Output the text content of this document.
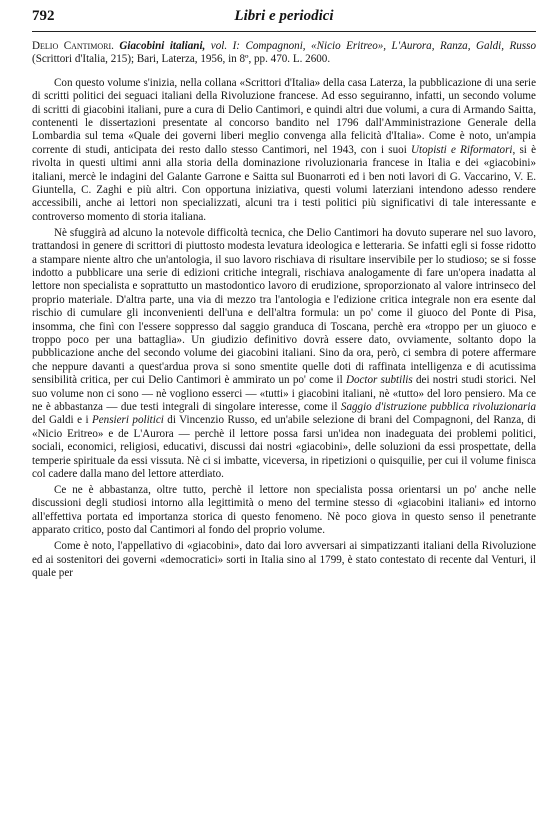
792	Libri e periodici

Delio Cantimori. Giacobini italiani, vol. I: Compagnoni, «Nicio Eritreo», L'Aurora, Ranza, Galdi, Russo (Scrittori d'Italia, 215); Bari, Laterza, 1956, in 8º, pp. 470. L. 2600.

Con questo volume s'inizia, nella collana «Scrittori d'Italia» della casa Laterza, la pubblicazione di una serie di scritti politici dei seguaci italiani della Rivoluzione francese. Ad esso seguiranno, infatti, un secondo volume di scritti di giacobini italiani, pure a cura di Delio Cantimori, e quindi altri due volumi, a cura di Armando Saitta, contenenti le dissertazioni presentate al concorso bandito nel 1796 dall'Amministrazione Generale della Lombardia sul tema «Quale dei governi liberi meglio convenga alla felicità d'Italia». Come è noto, un'ampia corrente di studi, anticipata dei resto dallo stesso Cantimori, nel 1943, con i suoi Utopisti e Riformatori, si è rivolta in questi ultimi anni alla storia della dominazione rivoluzionaria francese in Italia e dei «giacobini» italiani, mercè le indagini del Galante Garrone e Saitta sul Buonarroti ed i ben noti lavori di G. Vaccarino, V. E. Giuntella, C. Zaghi e più altri. Con opportuna iniziativa, questi volumi laterziani intendono adesso rendere accessibili, anche ai lettori non specializzati, alcuni tra i testi politici più significativi di tale interessante e controverso momento di storia italiana.

Nè sfuggirà ad alcuno la notevole difficoltà tecnica, che Delio Cantimori ha dovuto superare nel suo lavoro, trattandosi in genere di scrittori di piuttosto modesta levatura ideologica e letteraria. Se infatti egli si fosse ridotto a stampare niente altro che un'antologia, il suo lavoro rischiava di risultare inservibile per lo studioso; se si fosse indotto a pubblicare una serie di edizioni critiche integrali, rischiava analogamente di fare un'opera inadatta al lettore non specialista e soprattutto un mastodontico lavoro di erudizione, sproporzionato al valore intrinseco del proprio materiale. D'altra parte, una via di mezzo tra l'antologia e l'edizione critica integrale non era esente dal rischio di cumulare gli inconvenienti dell'una e dell'altra formula: un po' come il giuoco del Ponte di Pisa, insomma, che finì con l'essere soppresso dal saggio granduca di Toscana, perchè era «troppo per un giuoco e troppo poco per una battaglia». Un giudizio definitivo dovrà essere dato, ovviamente, soltanto dopo la pubblicazione anche del secondo volume dei giacobini italiani. Sino da ora, però, ci sembra di potere affermare che neppure davanti a quest'ardua prova si sono smentite quelle doti di raffinata intelligenza e di acutissima sensibilità critica, per cui Delio Cantimori è ammirato un po' come il Doctor subtilis dei nostri studi storici. Nel suo volume non ci sono — nè vogliono esserci — «tutti» i giacobini italiani, nè «tutto» del loro pensiero. Ma ce ne è abbastanza — due testi integrali di singolare interesse, come il Saggio d'istruzione pubblica rivoluzionaria del Galdi e i Pensieri politici di Vincenzio Russo, ed un'abile selezione di brani del Compagnoni, del Ranza, di «Nicio Eritreo» e de L'Aurora — perchè il lettore possa farsi un'idea non inadeguata dei problemi politici, sociali, economici, religiosi, educativi, discussi dai nostri «giacobini», delle soluzioni da essi prospettate, della temperie spirituale da essi vissuta. Nè ci si imbatte, viceversa, in ripetizioni o quisquilie, per cui il volume finisca col cadere dalla mano del lettore atterdiato.

Ce ne è abbastanza, oltre tutto, perchè il lettore non specialista possa orientarsi un po' anche nelle discussioni degli studiosi intorno alla legittimità o meno del termine stesso di «giacobini italiani» ed intorno all'effettiva portata ed importanza storica di questo fenomeno. Nè poco giova in questo senso il penetrante apparato critico, posto dal Cantimori al fondo del proprio volume.

Come è noto, l'appellativo di «giacobini», dato dai loro avversari ai simpatizzanti italiani della Rivoluzione ed ai sostenitori dei governi «democratici» sorti in Italia sino al 1799, è stato contestato di recente dal Venturi, il quale per
